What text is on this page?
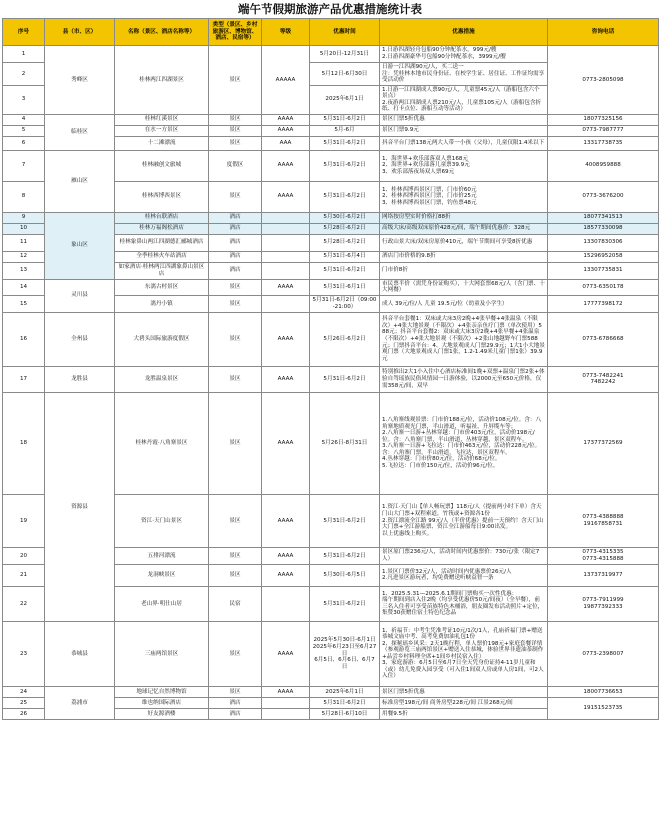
端午节假期旅游产品优惠措施统计表
序号	县（市、区）	名称（景区、酒店名称等）	类型（景区、乡村旅游区、博物馆、酒店、民宿等）	等级	优惠时间	优惠措施	咨询电话
1	秀峰区	桂林两江四湖景区	景区	AAAAA	5月20日-12月31日	1.日游四湖轻舟包船90分钟配茶水，999元/艘
2.日游四湖豪华号包船90分钟配茶水，3999元/艘	0773-2805098
2					5月12日-6月30日	日游一江四湖90元/人，买二送一
注：凭桂林本地市民身份证、在校学生证、居住证、工作证均需享受活动价	
3					2025年6月1日	1.日游一江四湖成人票90元/人，儿童票45元/人（游船包含六个景点）
2.夜游两江四湖成人票210元/人，儿童票105元/人（游船包含折纸、打卡点位、游船互动等活动）	
4	临桂区	桂林红溪景区	景区	AAAA	5月31日-6月2日	景区门票5折优惠	18077325156
5		在水一方景区	景区	AAAA	5月-6月	景区门票9.9元	0773-7987777
6		十二滩漂流	景区	AAA	5月31日-6月2日	抖音平台门票138元两大人带一小孩（父母），儿童仅限1.4米以下	13317738735
7	雁山区	桂林融创文旅城	度假区	AAAA	5月31日-6月2日	1、海世界+欢乐部落双人票168元
2、海世界+欢乐部落儿童票39.9元
3、欢乐部落夜场双人票69元	4008959888
8		桂林西博西景区	景区	AAAA	5月31日-6月2日	1、桂林西博西景区门票，门市价60元
2、桂林西博西景区门票，门市价25元
3、桂林西博西景区门票，钓鱼票48元	0773-3676200
9	象山区	桂林台联酒店	酒店		5月30日-6月2日	网络按房型实时价格打88折	18077341513
10		桂林万福阁松酒店	酒店		5月28日-6月2日	高级大床/高级双床原价428元/间，端午期间优惠价：328元	18577330098
11		桂林象鼻山两江四湖德汇郦城酒店	酒店		5月28日-6月2日	行政山景大床/双床房原价410元，端午节期间可享受8折优惠	13307830306
12		全季桂林火车站酒店	酒店		5月31日-6月4日	酒店门市价格的9.8折	15296952058
13		如家酒店·桂林两江四湖象鼻山景区店	酒店		5月31日-6月2日	门市价8折	13307735831
14	灵川县	东漓古村景区	景区	AAAA	5月31日-6月1日	市民票半价（需凭身份证购买），十大网套票68元/人（含门票、十大网餐）	0773-6350178
15		漓丹小镇	景区		5月31日-6月2日（09:00-21:00）	成人 39元/位/人 儿童 19.5元/位（幼童及小学生）	17777398172
16	全州县	大碧头国际旅游度假区	景区	AAAA	5月26日-6月2日	抖音平台套餐1：双床或大床3房2晚+4张早餐+4张温泉（不限次）+4张大地景观（不限次）+4张亲亲鱼疗门票（单次使用）588元；抖音平台套餐2：双床或大床3房2晚+4张早餐+4张温泉（不限次）+4张大地景观（不限次）+2张山地越野车门票588元；门票抖音平台：4、大地景观成人门票29.9元；1大1小大地景观门票（大地景观成人门票1张，1.2-1.49米儿童门票1张）39.9元	0773-6786668
17	龙胜县	龙胜温泉景区	景区	AAAA	5月31日-6月2日	特别推出2大1小入住中心酒店标准间1晚+双票+温泉门票2张+体验自驾瑶族民俗风情园一日游体验，以2000元至650元价格，仅需358元/间，双早	0773-7482241
7482242
18	资源县	桂林丹霞·八角寨景区	景区	AAAA	5月26日-8月31日	1.八角寨线观景票：门市价188元/位，活动价108元/位。含：八角寨地质观光门票，半山滑道，听福祉，升屏缆车等；
2.八角寨一日游+丛林穿越：门市价403元/位，活动价198元/位。含：八角寨门票，半山滑道，丛林穿越，景区双程车。
3.八角寨一日游+飞拉达：门市价463元/位，活动价228元/位。含：八角寨门票，半山滑道，飞拉达，景区双程车。
4.丛林穿越：门市价80元/位，活动价68元/位。
5.飞拉达：门市价150元/位，活动价96元/位。	17377372569
19		资江·天门山景区	景区	AAAA	5月31日-6月2日	1.资江·天门山【单人畅玩票】118元/人（提前两小时下单）含天门山大门票+双程索道，竹筏或+资源各1份
2.资江漂流全江路 99元/人（半价优惠）提前一天预约！含天门山大门票+全江游船票、资江全江游船每日9:00出发。
以上优惠线上购买。	0773-4388888
19167858731
20		五排河漂流	景区	AAAA	5月31日-6月2日	景区原门票236元/人，活动时间内优惠票价：730元/张（限定7人）	0773-4315335
0773-4315888
21		龙洞峡景区	景区	AAAA	5月30日-6月5日	1.景区门票价32元/人，活动时间内优惠票价26元/人
2.凡进景区游玩者，均免费赠送听峡益智一条	13737319977
22		老山界·明仕山居	民宿		5月31日-6月2日	1、2025.5.31—2025.6.1期间门票购买一次性优惠：
端午期间到店入住2晚（均享受优惠价50元/间夜）（全早餐），前三名入住者可享受苗族特色木桶浴，朋友圈发布活动照片+定位，集赞30获赠住宿土特色纪念品	0773-7911999
19877392333
23	恭城县	三庙两馆景区	景区	AAAA	2025年5月30日-6月1日
2025年6月23日至6月27日
6月5日、6月6日、6月7日	1、祈福节：中考生凭准考证10元/1次/1人，孔庙祈福门票+赠送恭城文庙中考、高考免费加油礼包1份
2、探秘瑶乡风采：2天1晚行程，单人票价198元+家庭套餐详情（参观游览三庙两馆景区+赠送入住恭城，体验世界非遗油茶制作+品尝乡村料理全席+1间乡村民宿入住）
3、家庭游游：6月5日至6月7日全天凭身份证持4-11岁儿童和（或）幼儿免费入园享受（可入住1间双人房或单人房1间，可2人入住）	0773-2398007
24	荔浦市	地球记忆自然博物馆	景区	AAAA	2025年6月1日	景区门票5折优惠	18007736653
25		维也纳国际酒店	酒店		5月31日-6月2日	标准房型198元/间 商务房型228元/间 江景268元/间	19151523735
26		好友源酒楼	酒店		5月28日-6月10日	用餐9.5折	
